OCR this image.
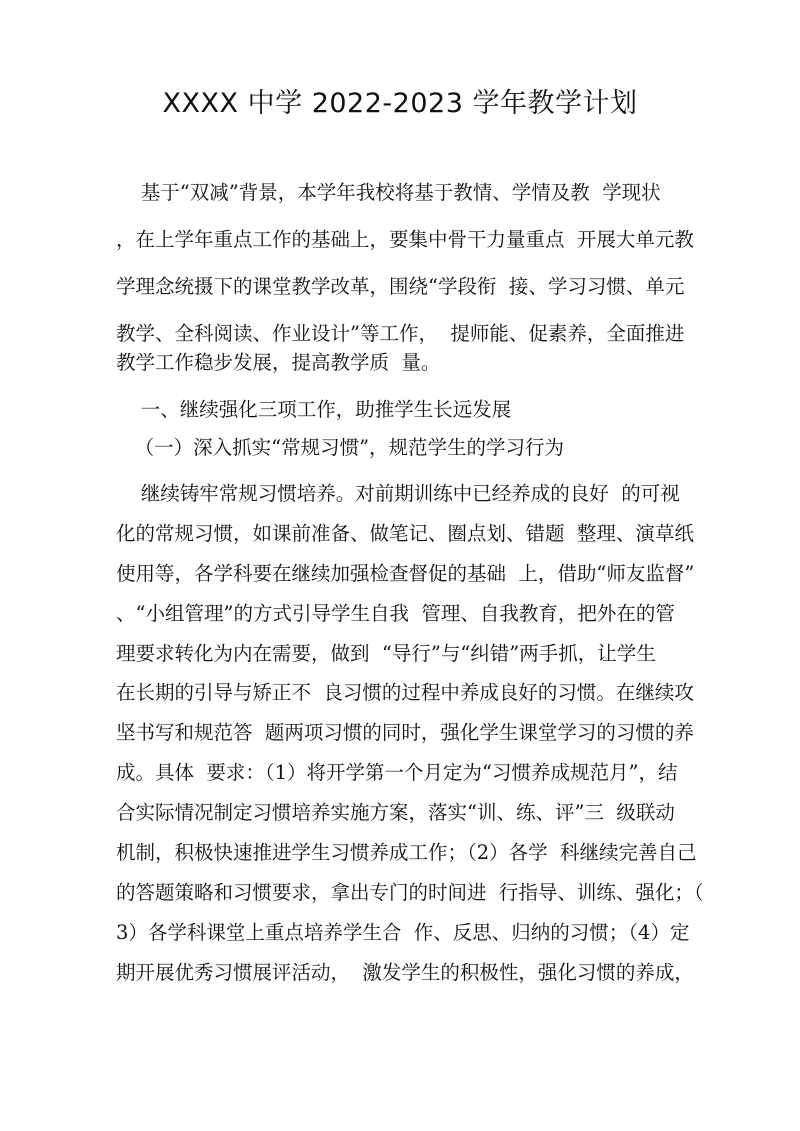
XXXX 中学 2022-2023 学年教学计划

基于“双减”背景，本学年我校将基于教情、学情及教  学现状

，在上学年重点工作的基础上，要集中骨干力量重点  开展大单元教

学理念统摄下的课堂教学改革，围绕“学段衔  接、学习习惯、单元

教学、全科阅读、作业设计”等工作，  提师能、促素养，全面推进

教学工作稳步发展，提高教学质  量。

一、继续强化三项工作，助推学生长远发展

（一）深入抓实“常规习惯”，规范学生的学习行为

继续铸牢常规习惯培养。对前期训练中已经养成的良好  的可视

化的常规习惯，如课前准备、做笔记、圈点划、错题  整理、演草纸

使用等，各学科要在继续加强检查督促的基础  上，借助“师友监督”

、“小组管理”的方式引导学生自我  管理、自我教育，把外在的管

理要求转化为内在需要，做到  “导行”与“纠错”两手抓，让学生

在长期的引导与矫正不  良习惯的过程中养成良好的习惯。在继续攻

坚书写和规范答  题两项习惯的同时，强化学生课堂学习的习惯的养

成。具体  要求：（1）将开学第一个月定为“习惯养成规范月”，结

合实际情况制定习惯培养实施方案，落实“训、练、评”三  级联动

机制，积极快速推进学生习惯养成工作；（2）各学  科继续完善自己

的答题策略和习惯要求，拿出专门的时间进  行指导、训练、强化；（

3）各学科课堂上重点培养学生合  作、反思、归纳的习惯；（4）定

期开展优秀习惯展评活动，  激发学生的积极性，强化习惯的养成，
